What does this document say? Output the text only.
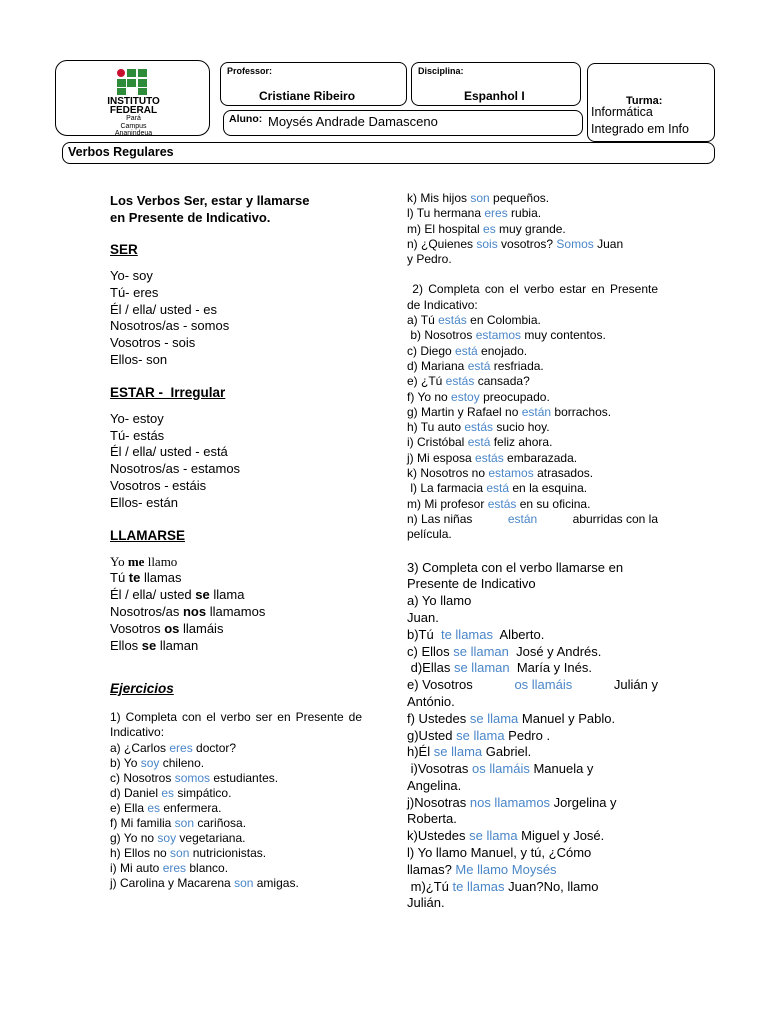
INSTITUTO
FEDERAL
Pará
Campus
Ananindeua
Professor:
Cristiane Ribeiro
Disciplina:
Espanhol I	Turma:
Informática
Integrado em Info
Aluno: Moysés Andrade Damasceno
Verbos Regulares
Los Verbos Ser, estar y llamarse
en Presente de Indicativo.
SER
Yo- soy
Tú- eres
Él / ella/ usted - es
Nosotros/as - somos
Vosotros - sois
Ellos- son
ESTAR -  Irregular
Yo- estoy
Tú- estás
Él / ella/ usted - está
Nosotros/as - estamos
Vosotros - estáis
Ellos- están
LLAMARSE
Yo me llamo
Tú te llamas
Él / ella/ usted se llama
Nosotros/as nos llamamos
Vosotros os llamáis
Ellos se llaman
Ejercicios
1) Completa con el verbo ser en Presente de Indicativo:
a) ¿Carlos eres doctor?
b) Yo soy chileno.
c) Nosotros somos estudiantes.
d) Daniel es simpático.
e) Ella es enfermera.
f) Mi familia son cariñosa.
g) Yo no soy vegetariana.
h) Ellos no son nutricionistas.
i) Mi auto eres blanco.
j) Carolina y Macarena son amigas.
k) Mis hijos son pequeños.
l) Tu hermana eres rubia.
m) El hospital es muy grande.
n) ¿Quienes sois vosotros? Somos Juan
y Pedro.
2) Completa con el verbo estar en Presente de Indicativo:
a) Tú estás en Colombia.
b) Nosotros estamos muy contentos.
c) Diego está enojado.
d) Mariana está resfriada.
e) ¿Tú estás cansada?
f) Yo no estoy preocupado.
g) Martin y Rafael no están borrachos.
h) Tu auto estás sucio hoy.
i) Cristóbal está feliz ahora.
j) Mi esposa estás embarazada.
k) Nosotros no estamos atrasados.
l) La farmacia está en la esquina.
m) Mi profesor estás en su oficina.
n) Las niñas	están	aburridas con la
película.
3) Completa con el verbo llamarse en Presente de Indicativo
a) Yo llamo
Juan.
b)Tú  te llamas  Alberto.
c) Ellos se llaman  José y Andrés.
d)Ellas se llaman  María y Inés.
e) Vosotros	os llamáis	Julián y
António.
f) Ustedes se llama Manuel y Pablo.
g)Usted se llama Pedro .
h)Él se llama Gabriel.
i)Vosotras os llamáis Manuela y
Angelina.
j)Nosotras nos llamamos Jorgelina y
Roberta.
k)Ustedes se llama Miguel y José.
l) Yo llamo Manuel, y tú, ¿Cómo
llamas? Me llamo Moysés
m)¿Tú te llamas Juan?No, llamo
Julián.
